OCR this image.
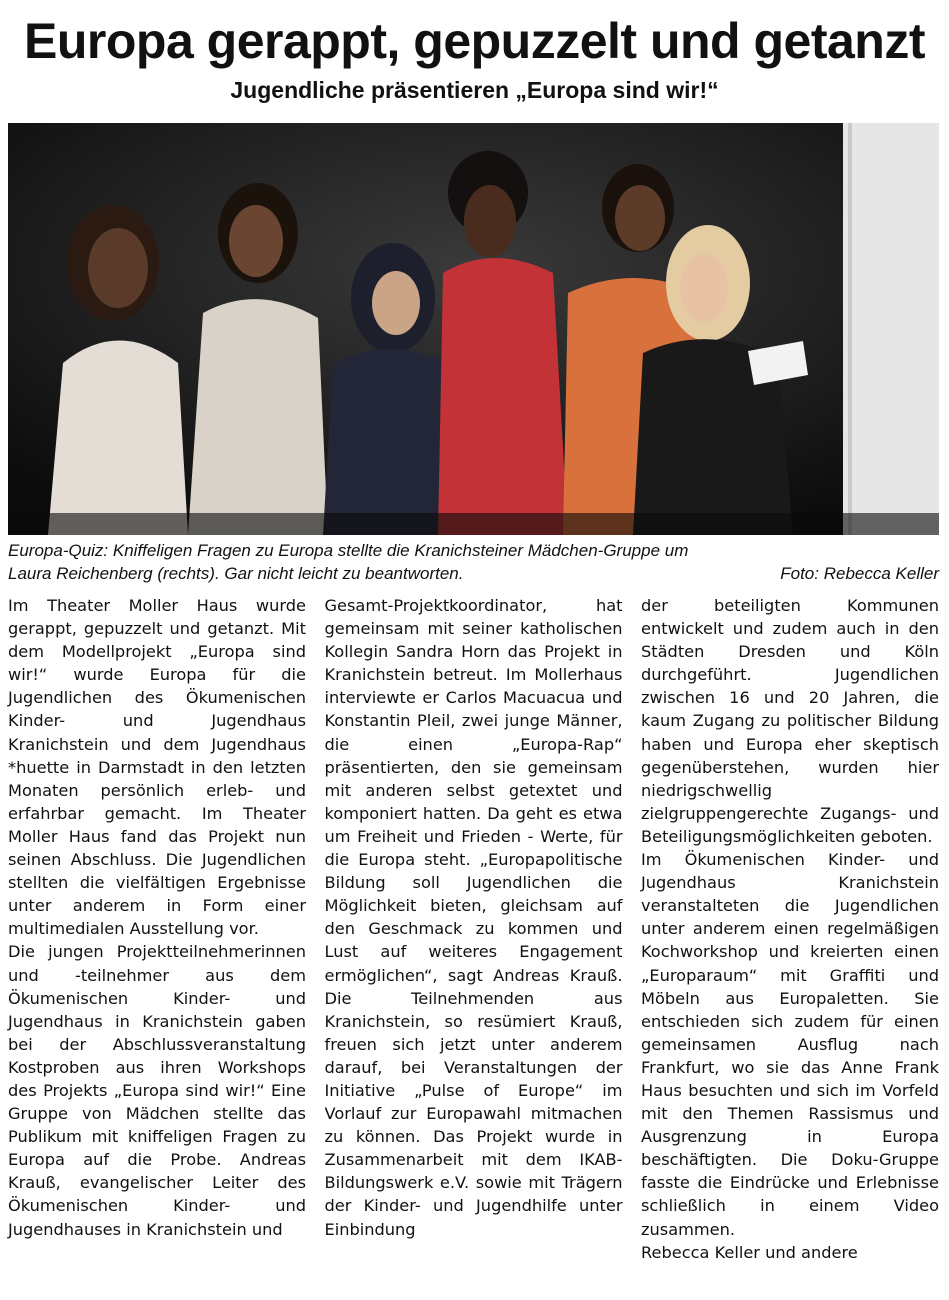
Europa gerappt, gepuzzelt und getanzt
Jugendliche präsentieren „Europa sind wir!“
Europa-Quiz: Kniffeligen Fragen zu Europa stellte die Kranichsteiner Mädchen-Gruppe um
Laura Reichenberg (rechts). Gar nicht leicht zu beantworten.	Foto: Rebecca Keller

Im Theater Moller Haus wurde gerappt, gepuzzelt und getanzt. Mit dem Modellprojekt „Europa sind wir!“ wurde Europa für die Jugendlichen des Ökumenischen Kinder- und Jugendhaus Kranichstein und dem Jugendhaus *huette in Darmstadt in den letzten Monaten persönlich erleb- und erfahrbar gemacht. Im Theater Moller Haus fand das Projekt nun seinen Abschluss. Die Jugendlichen stellten die vielfältigen Ergebnisse unter anderem in Form einer multimedialen Ausstellung vor.

Die jungen Projektteilnehmerinnen und -teilnehmer aus dem Ökumenischen Kinder- und Jugendhaus in Kranichstein gaben bei der Abschlussveranstaltung Kostproben aus ihren Workshops des Projekts „Europa sind wir!“ Eine Gruppe von Mädchen stellte das Publikum mit kniffeligen Fragen zu Europa auf die Probe. Andreas Krauß, evangelischer Leiter des Ökumenischen Kinder- und Jugendhauses in Kranichstein und

Gesamt-Projektkoordinator, hat gemeinsam mit seiner katholischen Kollegin Sandra Horn das Projekt in Kranichstein betreut. Im Mollerhaus interviewte er Carlos Macuacua und Konstantin Pleil, zwei junge Männer, die einen „Europa-Rap“ präsentierten, den sie gemeinsam mit anderen selbst getextet und komponiert hatten. Da geht es etwa um Freiheit und Frieden - Werte, für die Europa steht. „Europapolitische Bildung soll Jugendlichen die Möglichkeit bieten, gleichsam auf den Geschmack zu kommen und Lust auf weiteres Engagement ermöglichen“, sagt Andreas Krauß. Die Teilnehmenden aus Kranichstein, so resümiert Krauß, freuen sich jetzt unter anderem darauf, bei Veranstaltungen der Initiative „Pulse of Europe“ im Vorlauf zur Europawahl mitmachen zu können. Das Projekt wurde in Zusammenarbeit mit dem IKAB-Bildungswerk e.V. sowie mit Trägern der Kinder- und Jugendhilfe unter Einbindung

der beteiligten Kommunen entwickelt und zudem auch in den Städten Dresden und Köln durchgeführt. Jugendlichen zwischen 16 und 20 Jahren, die kaum Zugang zu politischer Bildung haben und Europa eher skeptisch gegenüberstehen, wurden hier niedrigschwellig zielgruppengerechte Zugangs- und Beteiligungsmöglichkeiten geboten.

Im Ökumenischen Kinder- und Jugendhaus Kranichstein veranstalteten die Jugendlichen unter anderem einen regelmäßigen Kochworkshop und kreierten einen „Europaraum“ mit Graffiti und Möbeln aus Europaletten. Sie entschieden sich zudem für einen gemeinsamen Ausflug nach Frankfurt, wo sie das Anne Frank Haus besuchten und sich im Vorfeld mit den Themen Rassismus und Ausgrenzung in Europa beschäftigten. Die Doku-Gruppe fasste die Eindrücke und Erlebnisse schließlich in einem Video zusammen.

Rebecca Keller und andere
